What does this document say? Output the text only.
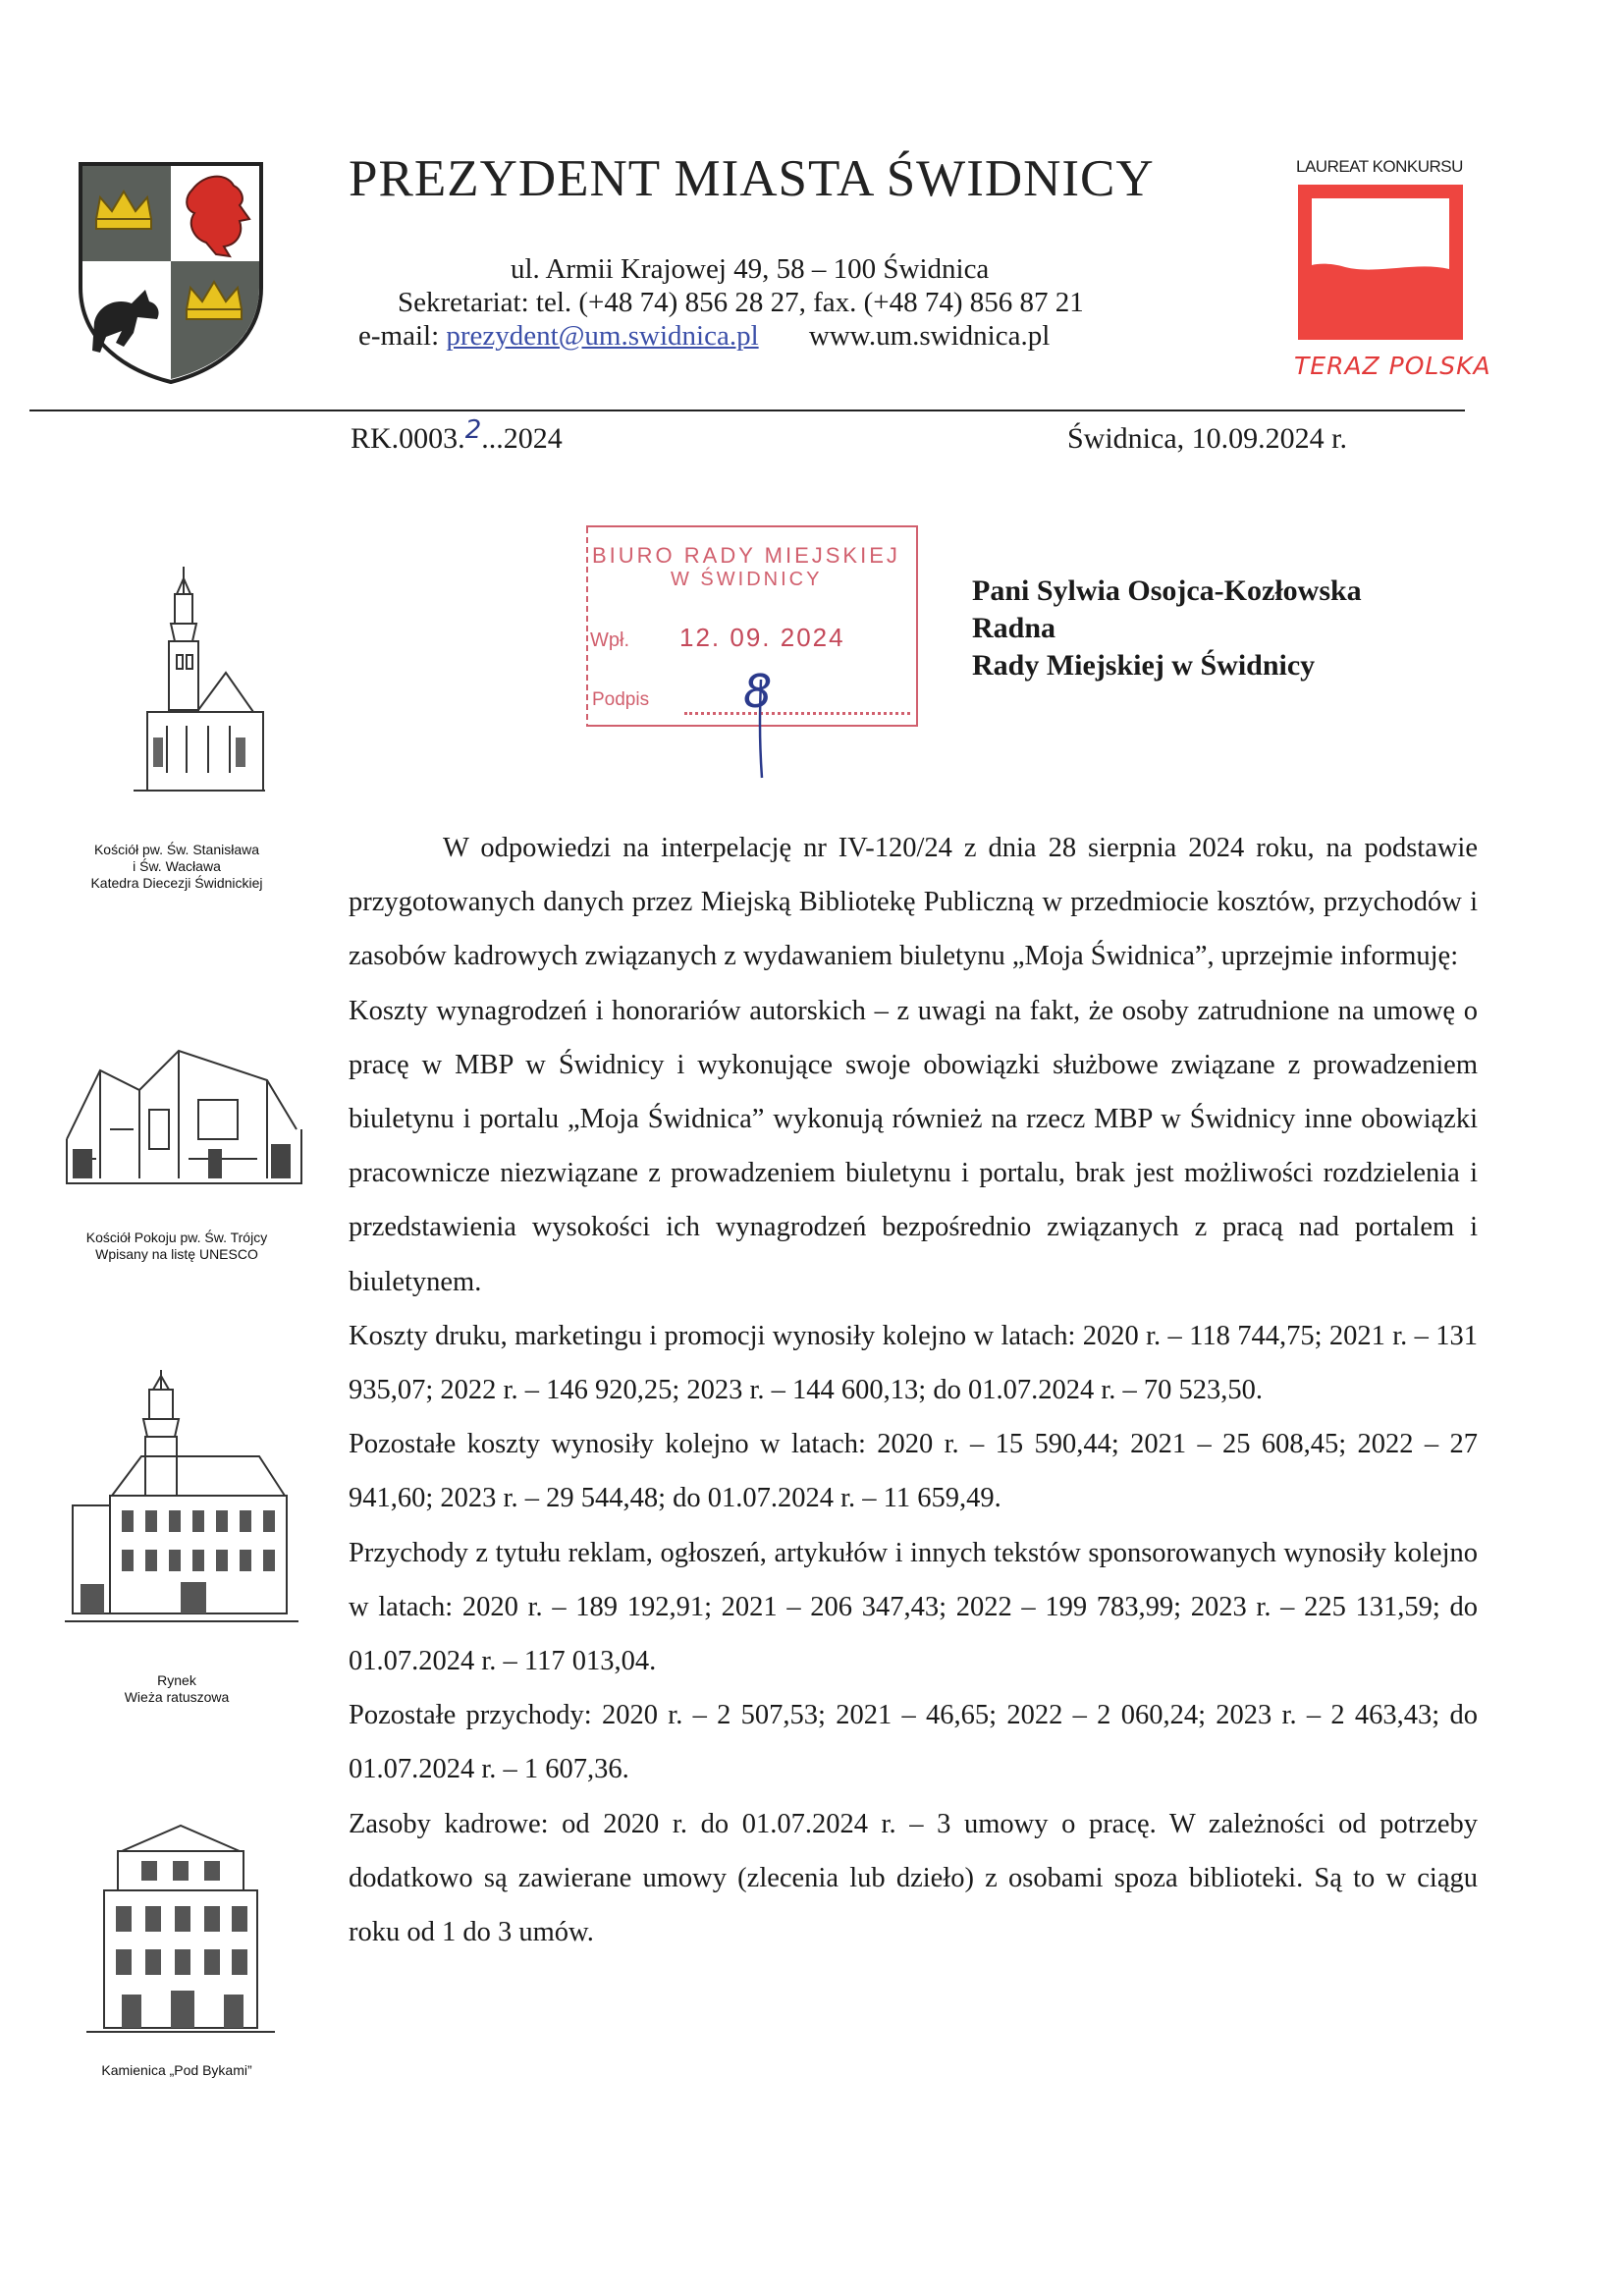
PREZYDENT MIASTA ŚWIDNICY
ul. Armii Krajowej 49, 58 – 100 Świdnica
Sekretariat: tel. (+48 74) 856 28 27, fax. (+48 74) 856 87 21
e-mail: prezydent@um.swidnica.pl www.um.swidnica.pl
LAUREAT KONKURSU
TERAZ POLSKA
RK.0003.2...2024	Świdnica, 10.09.2024 r.
BIURO RADY MIEJSKIEJ
W ŚWIDNICY
Wpł. 12. 09. 2024
Podpis 8
Pani Sylwia Osojca-Kozłowska
Radna
Rady Miejskiej w Świdnicy
Kościół pw. Św. Stanisława
i Św. Wacława
Katedra Diecezji Świdnickiej
Kościół Pokoju pw. Św. Trójcy
Wpisany na listę UNESCO
Rynek
Wieża ratuszowa
Kamienica „Pod Bykami”

W odpowiedzi na interpelację nr IV-120/24 z dnia 28 sierpnia 2024 roku, na podstawie przygotowanych danych przez Miejską Bibliotekę Publiczną w przedmiocie kosztów, przychodów i zasobów kadrowych związanych z wydawaniem biuletynu „Moja Świdnica”, uprzejmie informuję:

Koszty wynagrodzeń i honorariów autorskich – z uwagi na fakt, że osoby zatrudnione na umowę o pracę w MBP w Świdnicy i wykonujące swoje obowiązki służbowe związane z prowadzeniem biuletynu i portalu „Moja Świdnica” wykonują również na rzecz MBP w Świdnicy inne obowiązki pracownicze niezwiązane z prowadzeniem biuletynu i portalu, brak jest możliwości rozdzielenia i przedstawienia wysokości ich wynagrodzeń bezpośrednio związanych z pracą nad portalem i biuletynem.

Koszty druku, marketingu i promocji wynosiły kolejno w latach: 2020 r. – 118 744,75; 2021 r. – 131 935,07; 2022 r. – 146 920,25; 2023 r. – 144 600,13; do 01.07.2024 r. – 70 523,50.

Pozostałe koszty wynosiły kolejno w latach: 2020 r. – 15 590,44; 2021 – 25 608,45; 2022 – 27 941,60; 2023 r. – 29 544,48; do 01.07.2024 r. – 11 659,49.

Przychody z tytułu reklam, ogłoszeń, artykułów i innych tekstów sponsorowanych wynosiły kolejno w latach: 2020 r. – 189 192,91; 2021 – 206 347,43; 2022 – 199 783,99; 2023 r. – 225 131,59; do 01.07.2024 r. – 117 013,04.

Pozostałe przychody: 2020 r. – 2 507,53; 2021 – 46,65; 2022 – 2 060,24; 2023 r. – 2 463,43; do 01.07.2024 r. – 1 607,36.

Zasoby kadrowe: od 2020 r. do 01.07.2024 r. – 3 umowy o pracę. W zależności od potrzeby dodatkowo są zawierane umowy (zlecenia lub dzieło) z osobami spoza biblioteki. Są to w ciągu roku od 1 do 3 umów.
